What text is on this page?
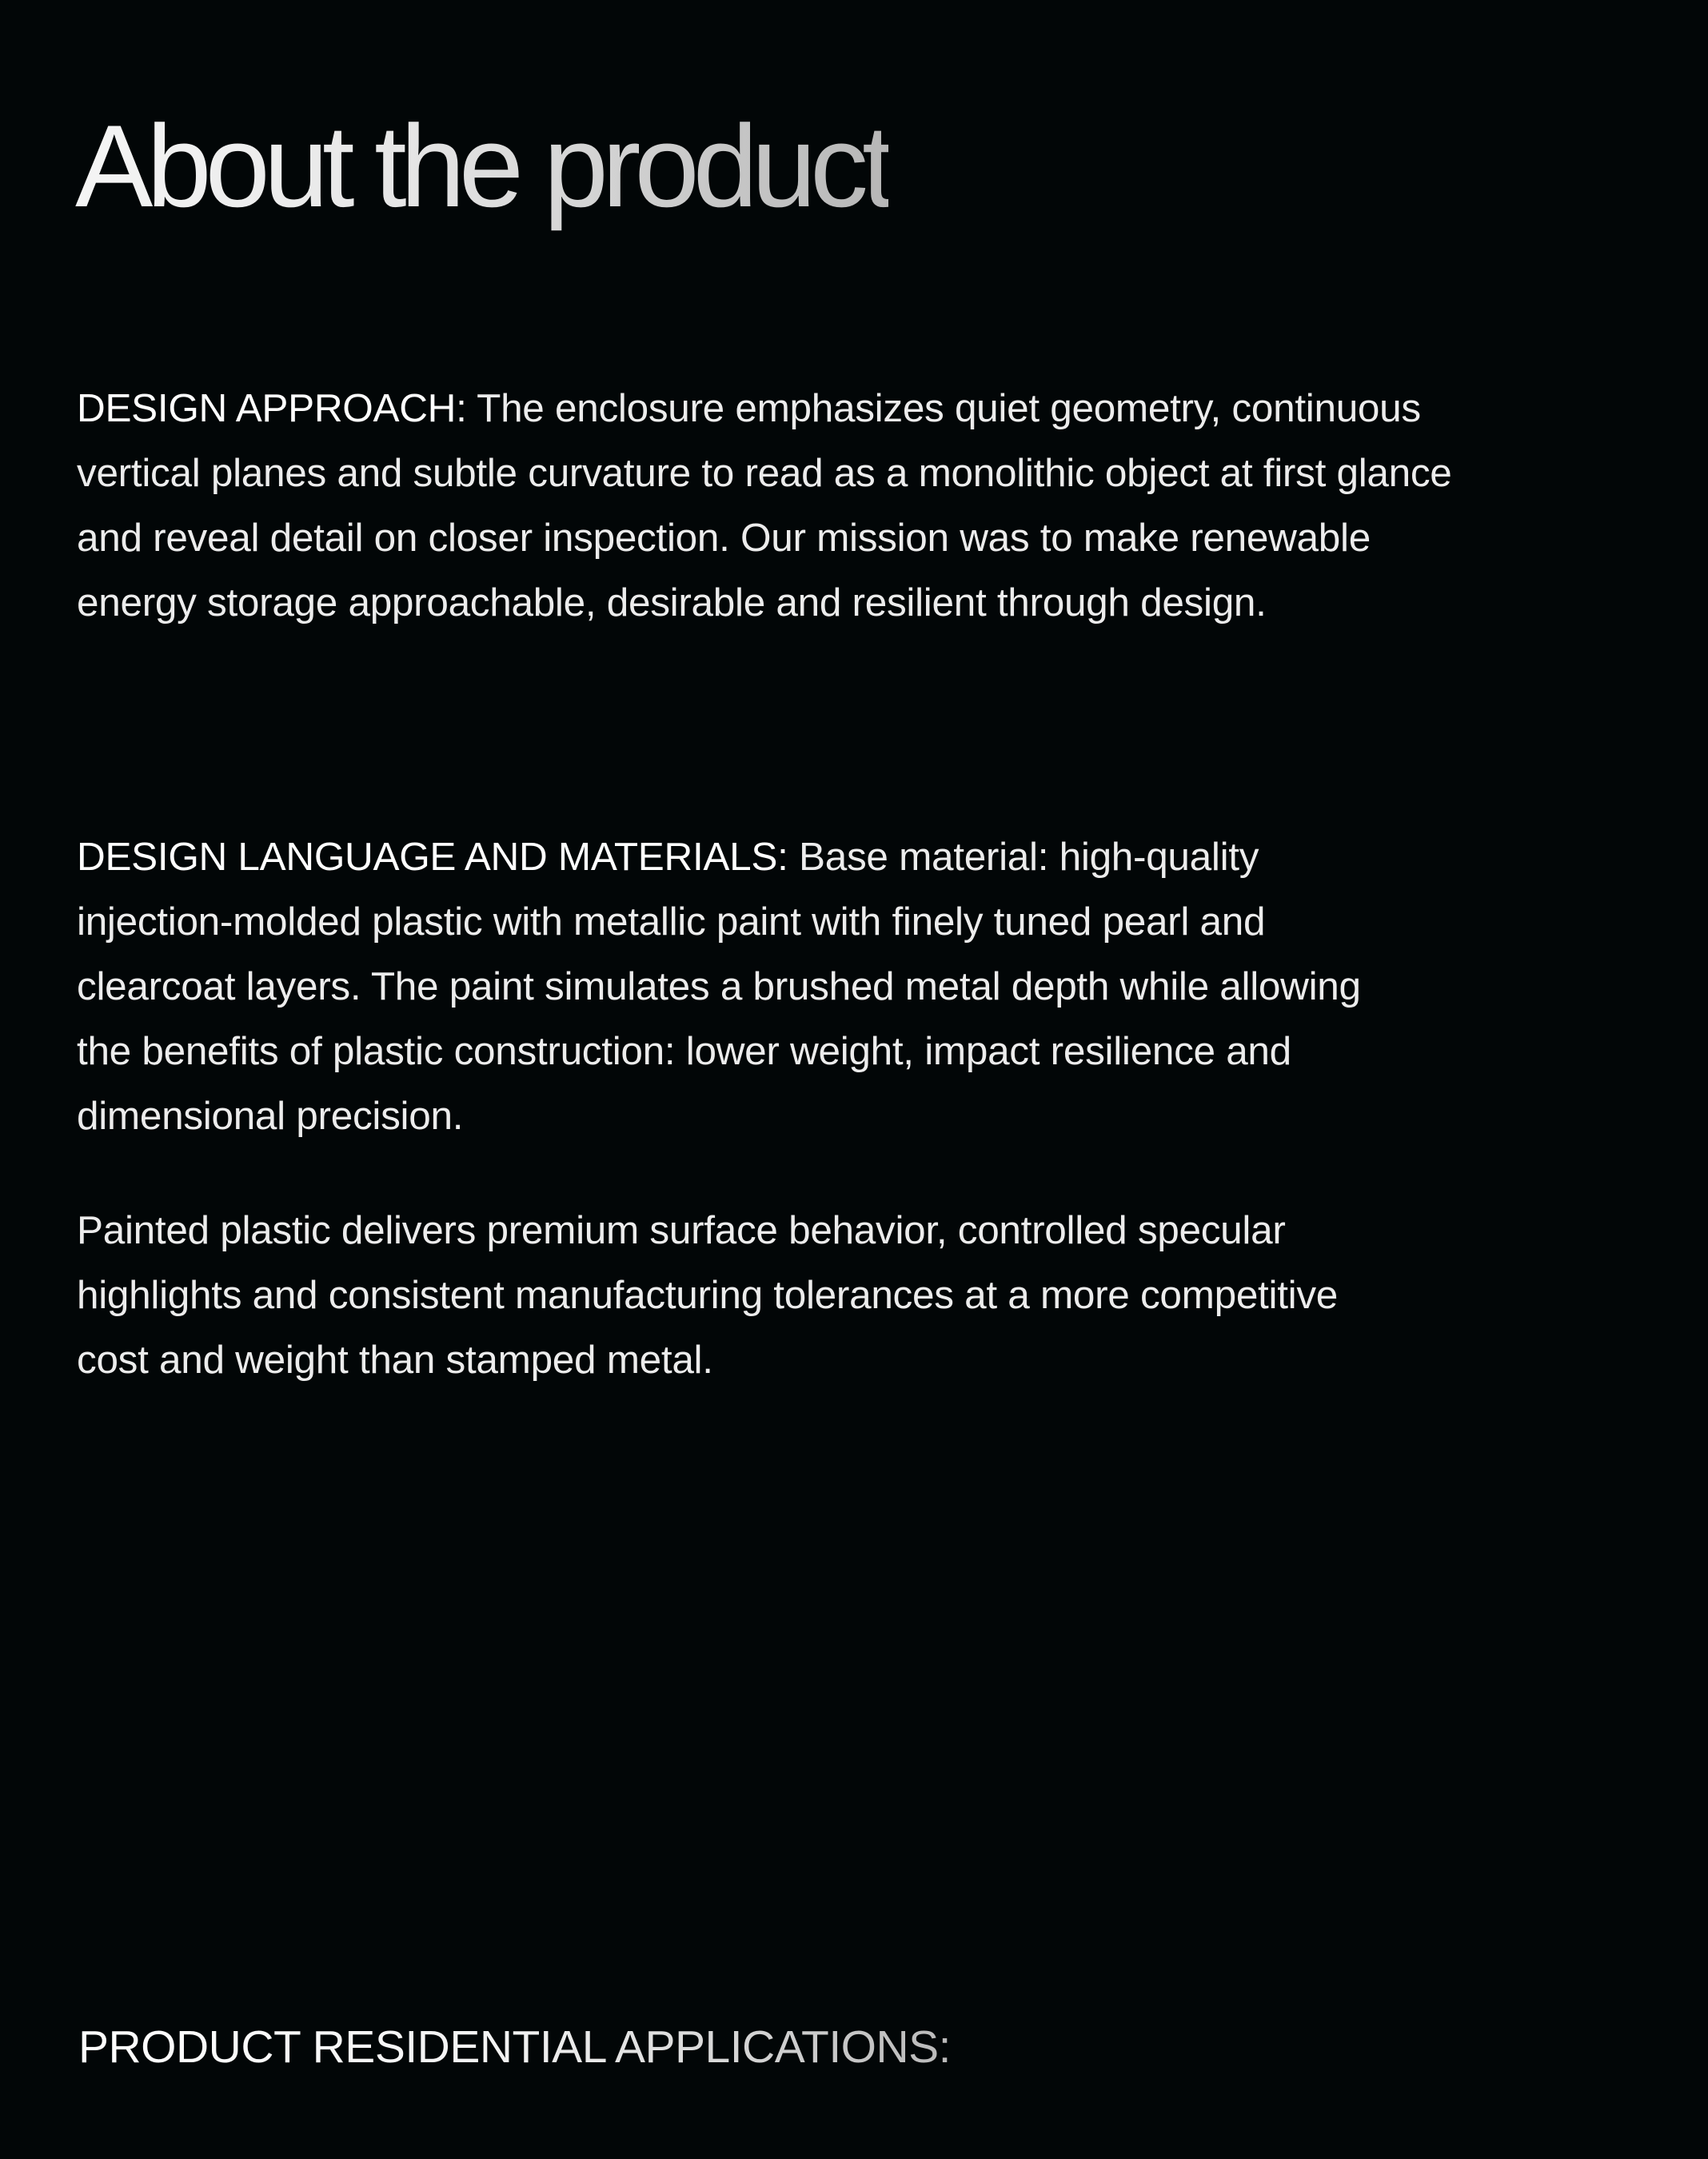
About the product

DESIGN APPROACH: The enclosure emphasizes quiet geometry, continuous vertical planes and subtle curvature to read as a monolithic object at first glance and reveal detail on closer inspection. Our mission was to make renewable energy storage approachable, desirable and resilient through design.

DESIGN LANGUAGE AND MATERIALS: Base material: high-quality injection-molded plastic with metallic paint with finely tuned pearl and clearcoat layers. The paint simulates a brushed metal depth while allowing the benefits of plastic construction: lower weight, impact resilience and dimensional precision.

Painted plastic delivers premium surface behavior, controlled specular highlights and consistent manufacturing tolerances at a more competitive cost and weight than stamped metal.

PRODUCT RESIDENTIAL APPLICATIONS:
